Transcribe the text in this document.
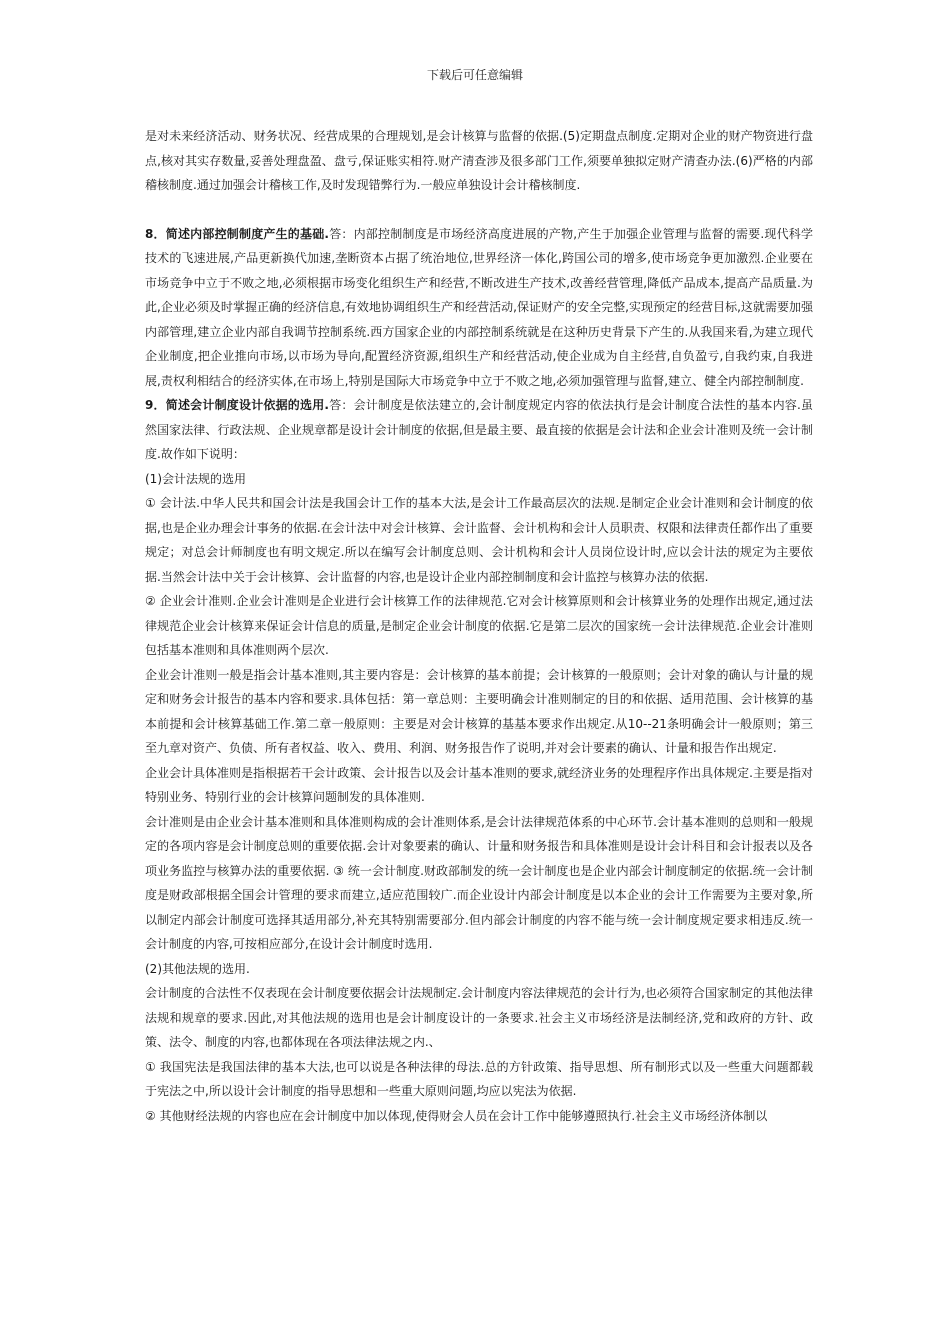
下载后可任意编辑

是对未来经济活动、财务状况、经营成果的合理规划,是会计核算与监督的依据.(5)定期盘点制度.定期对企业的财产物资进行盘点,核对其实存数量,妥善处理盘盈、盘亏,保证账实相符.财产清查涉及很多部门工作,须要单独拟定财产清查办法.(6)严格的内部稽核制度.通过加强会计稽核工作,及时发现错弊行为.一般应单独设计会计稽核制度.

8．简述内部控制制度产生的基础.答：内部控制制度是市场经济高度进展的产物,产生于加强企业管理与监督的需要.现代科学技术的飞速进展,产品更新换代加速,垄断资本占据了统治地位,世界经济一体化,跨国公司的增多,使市场竞争更加激烈.企业要在市场竞争中立于不败之地,必须根据市场变化组织生产和经营,不断改进生产技术,改善经营管理,降低产品成本,提高产品质量.为此,企业必须及时掌握正确的经济信息,有效地协调组织生产和经营活动,保证财产的安全完整,实现预定的经营目标,这就需要加强内部管理,建立企业内部自我调节控制系统.西方国家企业的内部控制系统就是在这种历史背景下产生的.从我国来看,为建立现代企业制度,把企业推向市场,以市场为导向,配置经济资源,组织生产和经营活动,使企业成为自主经营,自负盈亏,自我约束,自我进展,责权利相结合的经济实体,在市场上,特别是国际大市场竞争中立于不败之地,必须加强管理与监督,建立、健全内部控制制度.

9．简述会计制度设计依据的选用.答：会计制度是依法建立的,会计制度规定内容的依法执行是会计制度合法性的基本内容.虽然国家法律、行政法规、企业规章都是设计会计制度的依据,但是最主要、最直接的依据是会计法和企业会计准则及统一会计制度.故作如下说明：

(1)会计法规的选用

① 会计法.中华人民共和国会计法是我国会计工作的基本大法,是会计工作最高层次的法规.是制定企业会计准则和会计制度的依据,也是企业办理会计事务的依据.在会计法中对会计核算、会计监督、会计机构和会计人员职责、权限和法律责任都作出了重要规定；对总会计师制度也有明文规定.所以在编写会计制度总则、会计机构和会计人员岗位设计时,应以会计法的规定为主要依据.当然会计法中关于会计核算、会计监督的内容,也是设计企业内部控制制度和会计监控与核算办法的依据.

② 企业会计准则.企业会计准则是企业进行会计核算工作的法律规范.它对会计核算原则和会计核算业务的处理作出规定,通过法律规范企业会计核算来保证会计信息的质量,是制定企业会计制度的依据.它是第二层次的国家统一会计法律规范.企业会计准则包括基本准则和具体准则两个层次.

企业会计准则一般是指会计基本准则,其主要内容是：会计核算的基本前提；会计核算的一般原则；会计对象的确认与计量的规定和财务会计报告的基本内容和要求.具体包括：第一章总则：主要明确会计准则制定的目的和依据、适用范围、会计核算的基本前提和会计核算基础工作.第二章一般原则：主要是对会计核算的基基本要求作出规定.从10--21条明确会计一般原则；第三至九章对资产、负债、所有者权益、收入、费用、利润、财务报告作了说明,并对会计要素的确认、计量和报告作出规定.

企业会计具体准则是指根据若干会计政策、会计报告以及会计基本准则的要求,就经济业务的处理程序作出具体规定.主要是指对特别业务、特别行业的会计核算问题制发的具体准则.

会计准则是由企业会计基本准则和具体准则构成的会计准则体系,是会计法律规范体系的中心环节.会计基本准则的总则和一般规定的各项内容是会计制度总则的重要依据.会计对象要素的确认、计量和财务报告和具体准则是设计会计科目和会计报表以及各项业务监控与核算办法的重要依据. ③ 统一会计制度.财政部制发的统一会计制度也是企业内部会计制度制定的依据.统一会计制度是财政部根据全国会计管理的要求而建立,适应范围较广.而企业设计内部会计制度是以本企业的会计工作需要为主要对象,所以制定内部会计制度可选择其适用部分,补充其特别需要部分.但内部会计制度的内容不能与统一会计制度规定要求相违反.统一会计制度的内容,可按相应部分,在设计会计制度时选用.

(2)其他法规的选用.

会计制度的合法性不仅表现在会计制度要依据会计法规制定.会计制度内容法律规范的会计行为,也必须符合国家制定的其他法律法规和规章的要求.因此,对其他法规的选用也是会计制度设计的一条要求.社会主义市场经济是法制经济,党和政府的方针、政策、法令、制度的内容,也都体现在各项法律法规之内.、

① 我国宪法是我国法律的基本大法,也可以说是各种法律的母法.总的方针政策、指导思想、所有制形式以及一些重大问题都载于宪法之中,所以设计会计制度的指导思想和一些重大原则问题,均应以宪法为依据.

② 其他财经法规的内容也应在会计制度中加以体现,使得财会人员在会计工作中能够遵照执行.社会主义市场经济体制以
